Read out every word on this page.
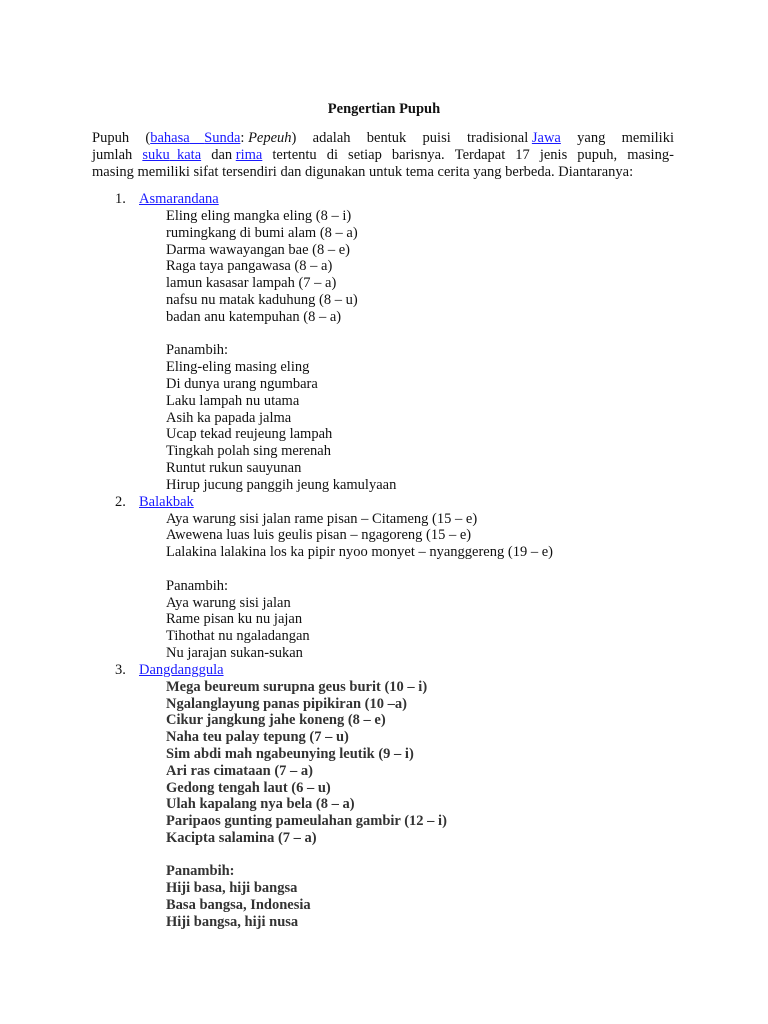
Pengertian Pupuh
Pupuh (bahasa Sunda: Pepeuh) adalah bentuk puisi tradisional Jawa yang memiliki
jumlah suku kata dan rima tertentu di setiap barisnya. Terdapat 17 jenis pupuh, masing-
masing memiliki sifat tersendiri dan digunakan untuk tema cerita yang berbeda. Diantaranya:
1. Asmarandana
Eling eling mangka eling (8 – i)
rumingkang di bumi alam (8 – a)
Darma wawayangan bae (8 – e)
Raga taya pangawasa (8 – a)
lamun kasasar lampah (7 – a)
nafsu nu matak kaduhung (8 – u)
badan anu katempuhan (8 – a)
Panambih:
Eling-eling masing eling
Di dunya urang ngumbara
Laku lampah nu utama
Asih ka papada jalma
Ucap tekad reujeung lampah
Tingkah polah sing merenah
Runtut rukun sauyunan
Hirup jucung panggih jeung kamulyaan
2. Balakbak
Aya warung sisi jalan rame pisan – Citameng (15 – e)
Awewena luas luis geulis pisan – ngagoreng (15 – e)
Lalakina lalakina los ka pipir nyoo monyet – nyanggereng (19 – e)
Panambih:
Aya warung sisi jalan
Rame pisan ku nu jajan
Tihothat nu ngaladangan
Nu jarajan sukan-sukan
3. Dangdanggula
Mega beureum surupna geus burit (10 – i)
Ngalanglayung panas pipikiran (10 –a)
Cikur jangkung jahe koneng (8 – e)
Naha teu palay tepung (7 – u)
Sim abdi mah ngabeunying leutik (9 – i)
Ari ras cimataan (7 – a)
Gedong tengah laut (6 – u)
Ulah kapalang nya bela (8 – a)
Paripaos gunting pameulahan gambir (12 – i)
Kacipta salamina (7 – a)
Panambih:
Hiji basa, hiji bangsa
Basa bangsa, Indonesia
Hiji bangsa, hiji nusa
